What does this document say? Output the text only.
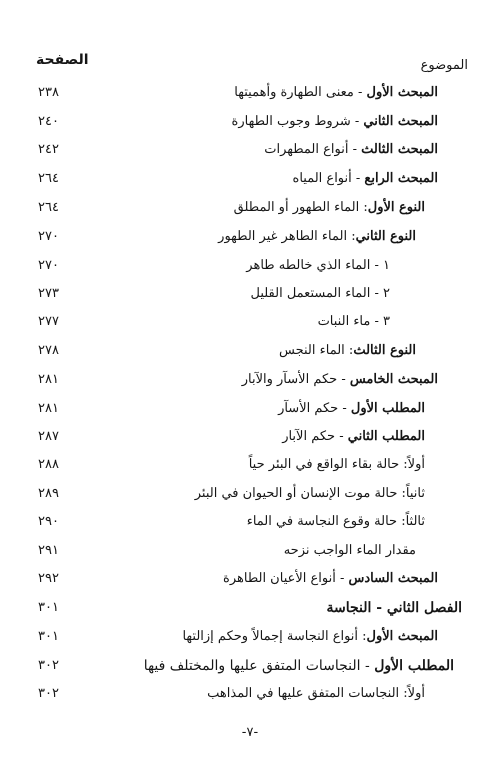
الموضوع
الصفحة
المبحث الأول - معنى الطهارة وأهميتها
٢٣٨
المبحث الثاني - شروط وجوب الطهارة
٢٤٠
المبحث الثالث - أنواع المطهرات
٢٤٢
المبحث الرابع - أنواع المياه
٢٦٤
النوع الأول: الماء الطهور أو المطلق
٢٦٤
النوع الثاني: الماء الطاهر غير الطهور
٢٧٠
١ - الماء الذي خالطه طاهر
٢٧٠
٢ - الماء المستعمل القليل
٢٧٣
٣ - ماء النبات
٢٧٧
النوع الثالث: الماء النجس
٢٧٨
المبحث الخامس - حكم الأسآر والآبار
٢٨١
المطلب الأول - حكم الأسآر
٢٨١
المطلب الثاني - حكم الآبار
٢٨٧
أولاً: حالة بقاء الواقع في البئر حياً
٢٨٨
ثانياً: حالة موت الإنسان أو الحيوان في البئر
٢٨٩
ثالثاً: حالة وقوع النجاسة في الماء
٢٩٠
مقدار الماء الواجب نزحه
٢٩١
المبحث السادس - أنواع الأعيان الطاهرة
٢٩٢
الفصل الثاني - النجاسة
٣٠١
المبحث الأول: أنواع النجاسة إجمالاً وحكم إزالتها
٣٠١
المطلب الأول - النجاسات المتفق عليها والمختلف فيها
٣٠٢
أولاً: النجاسات المتفق عليها في المذاهب
٣٠٢
-٧-
